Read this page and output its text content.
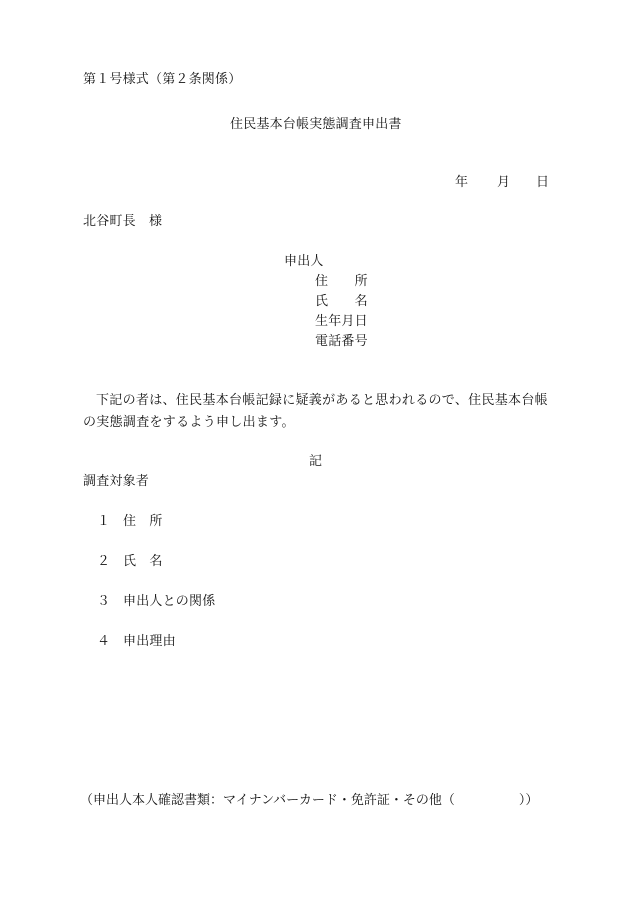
第１号様式（第２条関係）
住民基本台帳実態調査申出書
年 月 日
北谷町長　様
申出人
住　　所
氏　　名
生年月日
電話番号
下記の者は、住民基本台帳記録に疑義があると思われるので、住民基本台帳の実態調査をするよう申し出ます。
記
調査対象者
１ 住　所
２ 氏　名
３ 申出人との関係
４ 申出理由
（申出人本人確認書類：マイナンバーカード・免許証・その他（	））
